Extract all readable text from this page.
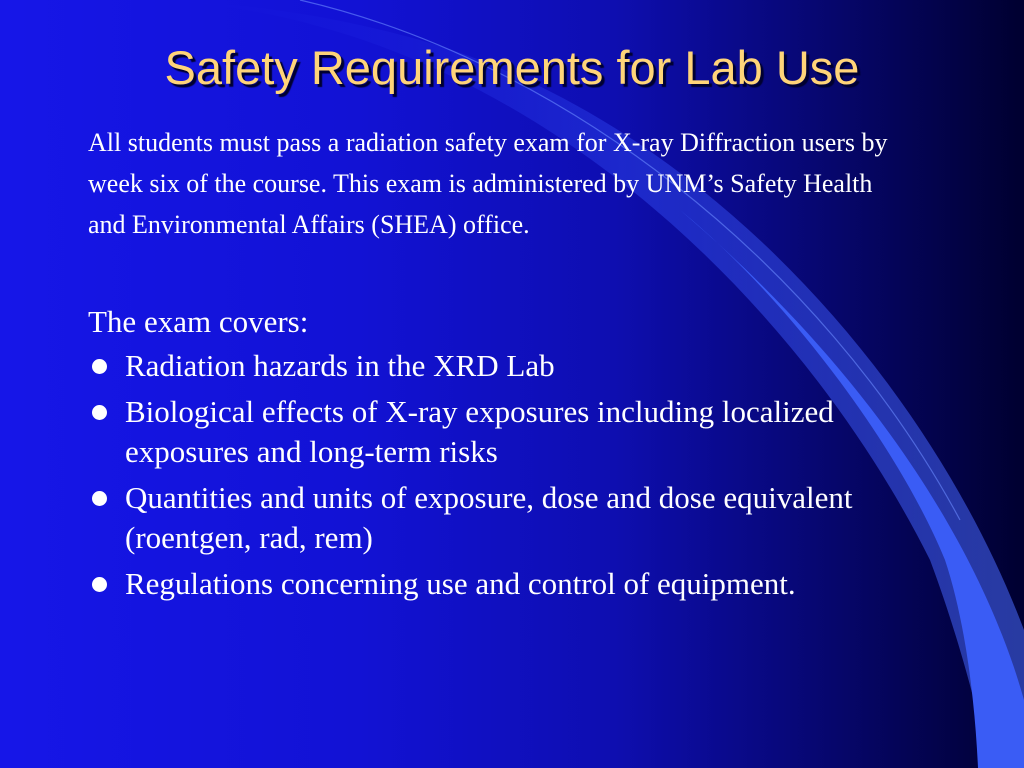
Safety Requirements for Lab Use

All students must pass a radiation safety exam for X-ray Diffraction users by week six of the course. This exam is administered by UNM’s Safety Health and Environmental Affairs (SHEA) office.

The exam covers:

Radiation hazards in the XRD Lab
Biological effects of X-ray exposures including localized exposures and long-term risks
Quantities and units of exposure, dose and dose equivalent (roentgen, rad, rem)
Regulations concerning use and control of equipment.
